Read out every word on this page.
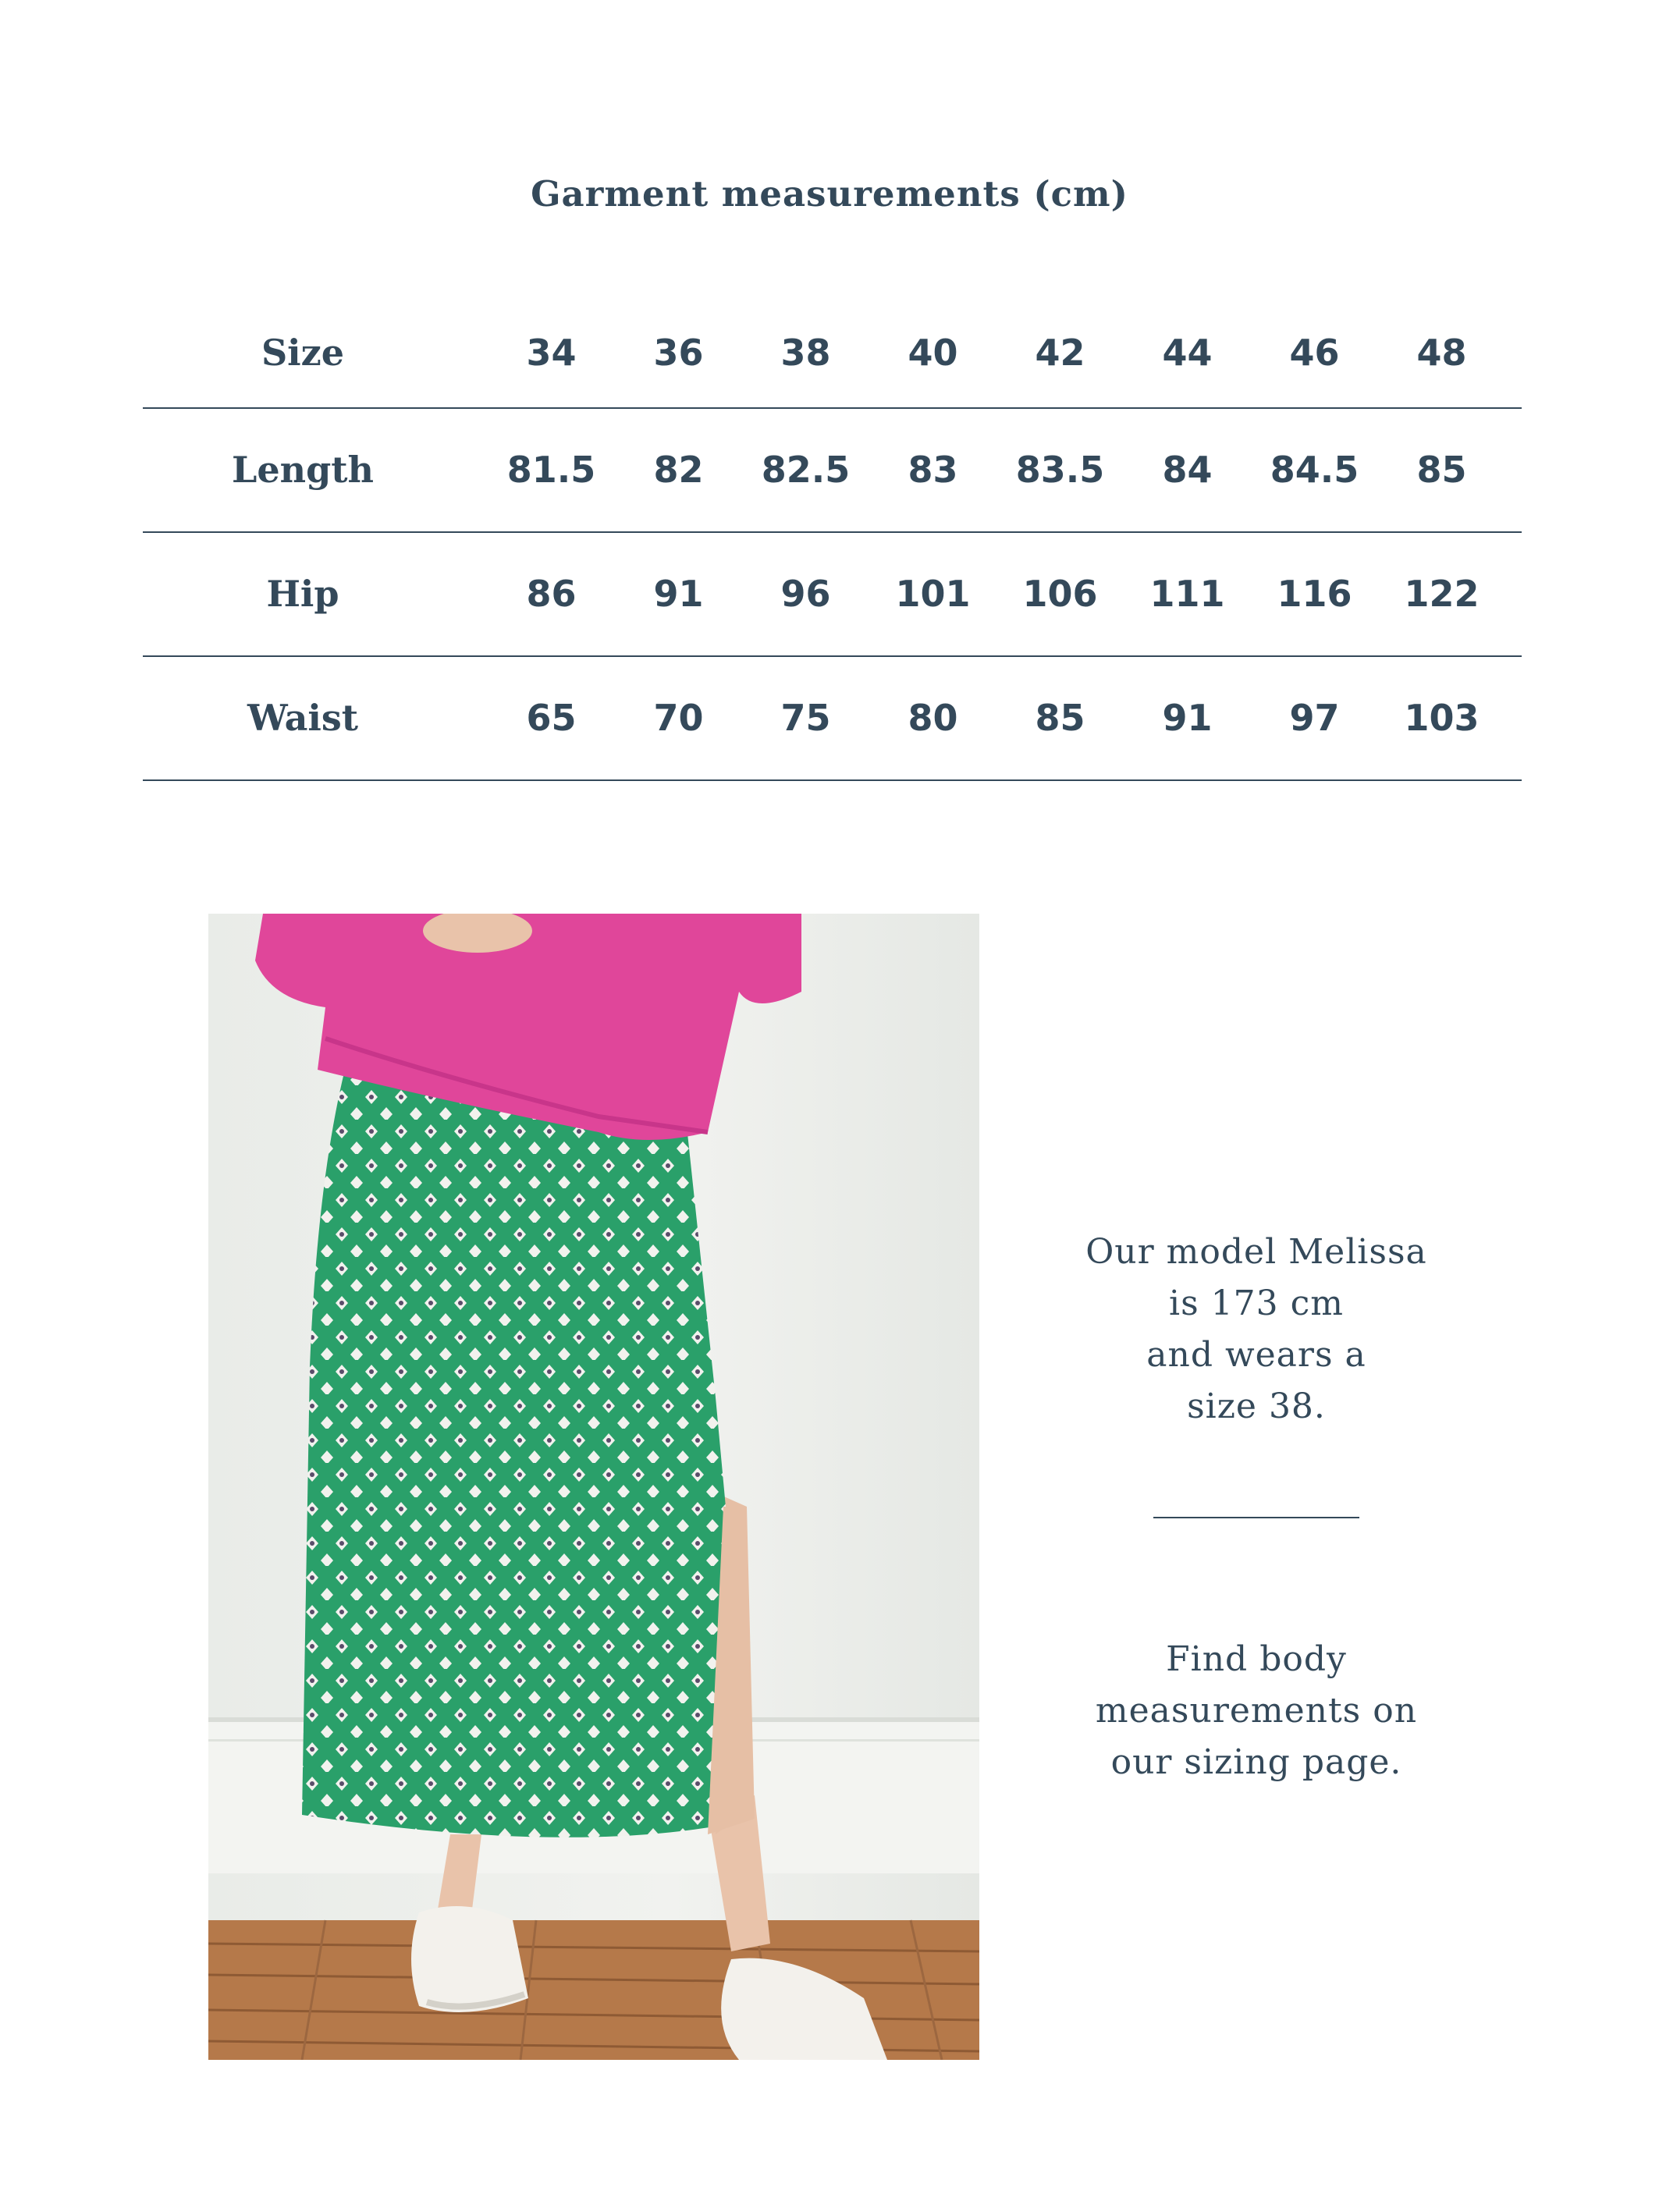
Garment measurements (cm)
Size	34	36	38	40	42	44	46	48
Length	81.5	82	82.5	83	83.5	84	84.5	85
Hip	86	91	96	101	106	111	116	122
Waist	65	70	75	80	85	91	97	103
Our model Melissa
is 173 cm
and wears a
size 38.
Find body
measurements on
our sizing page.
